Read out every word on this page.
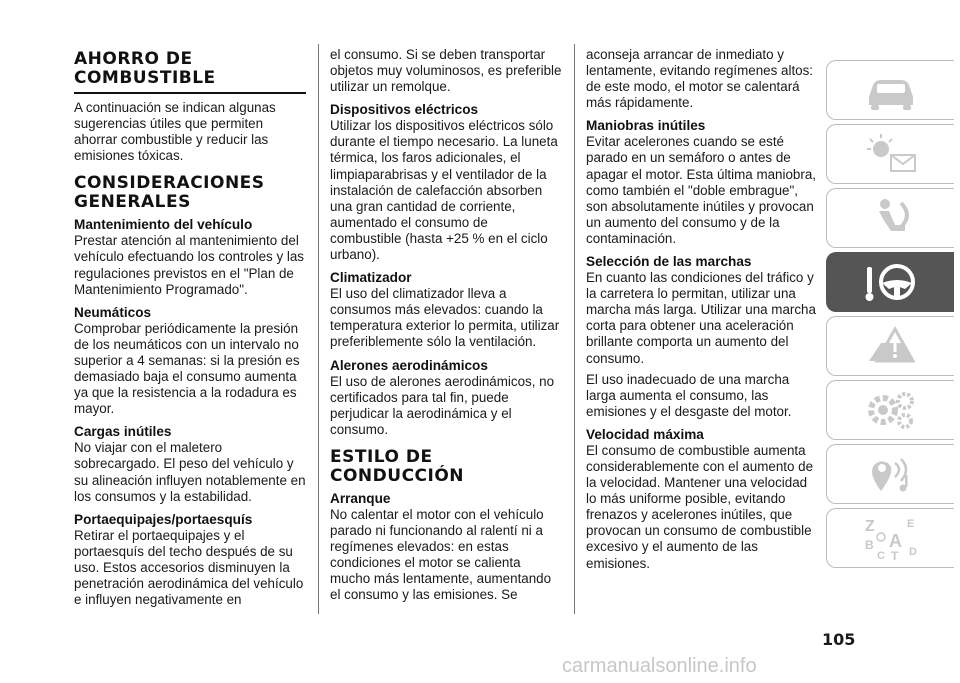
AHORRO DE
COMBUSTIBLE

A continuación se indican algunas sugerencias útiles que permiten ahorrar combustible y reducir las emisiones tóxicas.

CONSIDERACIONES
GENERALES
Mantenimiento del vehículo

Prestar atención al mantenimiento del vehículo efectuando los controles y las regulaciones previstos en el "Plan de Mantenimiento Programado".

Neumáticos

Comprobar periódicamente la presión de los neumáticos con un intervalo no superior a 4 semanas: si la presión es demasiado baja el consumo aumenta ya que la resistencia a la rodadura es mayor.

Cargas inútiles

No viajar con el maletero sobrecargado. El peso del vehículo y su alineación influyen notablemente en los consumos y la estabilidad.

Portaequipajes/portaesquís

Retirar el portaequipajes y el portaesquís del techo después de su uso. Estos accesorios disminuyen la penetración aerodinámica del vehículo e influyen negativamente en

el consumo. Si se deben transportar objetos muy voluminosos, es preferible utilizar un remolque.

Dispositivos eléctricos

Utilizar los dispositivos eléctricos sólo durante el tiempo necesario. La luneta térmica, los faros adicionales, el limpiaparabrisas y el ventilador de la instalación de calefacción absorben una gran cantidad de corriente, aumentado el consumo de combustible (hasta +25 % en el ciclo urbano).

Climatizador

El uso del climatizador lleva a consumos más elevados: cuando la temperatura exterior lo permita, utilizar preferiblemente sólo la ventilación.

Alerones aerodinámicos

El uso de alerones aerodinámicos, no certificados para tal fin, puede perjudicar la aerodinámica y el consumo.

ESTILO DE
CONDUCCIÓN
Arranque

No calentar el motor con el vehículo parado ni funcionando al ralentí ni a regímenes elevados: en estas condiciones el motor se calienta mucho más lentamente, aumentando el consumo y las emisiones. Se

aconseja arrancar de inmediato y lentamente, evitando regímenes altos: de este modo, el motor se calentará más rápidamente.

Maniobras inútiles

Evitar acelerones cuando se esté parado en un semáforo o antes de apagar el motor. Esta última maniobra, como también el "doble embrague", son absolutamente inútiles y provocan un aumento del consumo y de la contaminación.

Selección de las marchas

En cuanto las condiciones del tráfico y la carretera lo permitan, utilizar una marcha más larga. Utilizar una marcha corta para obtener una aceleración brillante comporta un aumento del consumo.

El uso inadecuado de una marcha larga aumenta el consumo, las emisiones y el desgaste del motor.

Velocidad máxima

El consumo de combustible aumenta considerablemente con el aumento de la velocidad. Mantener una velocidad lo más uniforme posible, evitando frenazos y acelerones inútiles, que provocan un consumo de combustible excesivo y el aumento de las emisiones.

Z	E
B A
C T D
105
carmanualsonline.info
